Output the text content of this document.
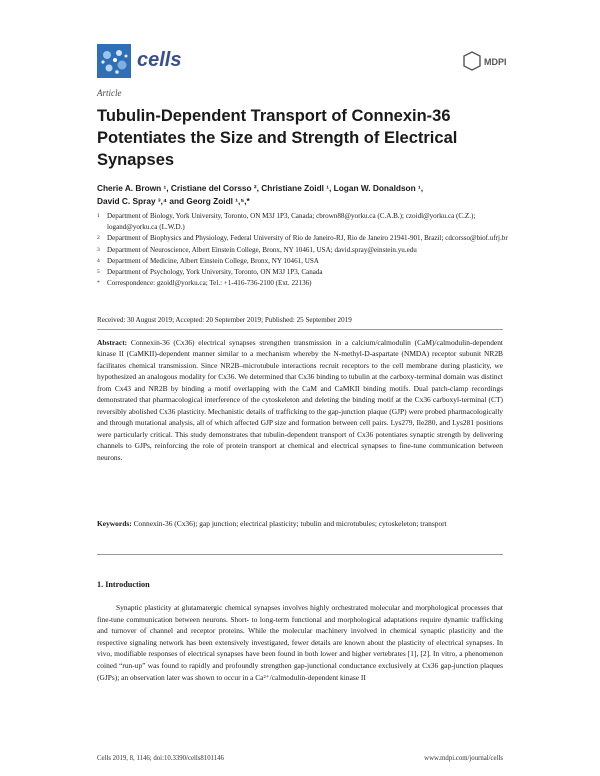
cells	MDPI
Article
Tubulin-Dependent Transport of Connexin-36 Potentiates the Size and Strength of Electrical Synapses
Cherie A. Brown ¹, Cristiane del Corsso ², Christiane Zoidl ¹, Logan W. Donaldson ¹,
David C. Spray ³,⁴ and Georg Zoidl ¹,⁵,*
1 Department of Biology, York University, Toronto, ON M3J 1P3, Canada; cbrown88@yorku.ca (C.A.B.); czoidl@yorku.ca (C.Z.); logand@yorku.ca (L.W.D.)
2 Department of Biophysics and Physiology, Federal University of Rio de Janeiro-RJ, Rio de Janeiro 21941-901, Brazil; cdcorsso@biof.ufrj.br
3 Department of Neuroscience, Albert Einstein College, Bronx, NY 10461, USA; david.spray@einstein.yu.edu
4 Department of Medicine, Albert Einstein College, Bronx, NY 10461, USA
5 Department of Psychology, York University, Toronto, ON M3J 1P3, Canada
* Correspondence: gzoidl@yorku.ca; Tel.: +1-416-736-2100 (Ext. 22136)
Received: 30 August 2019; Accepted: 20 September 2019; Published: 25 September 2019

Abstract: Connexin-36 (Cx36) electrical synapses strengthen transmission in a calcium/calmodulin (CaM)/calmodulin-dependent kinase II (CaMKII)-dependent manner similar to a mechanism whereby the N-methyl-D-aspartate (NMDA) receptor subunit NR2B facilitates chemical transmission. Since NR2B–microtubule interactions recruit receptors to the cell membrane during plasticity, we hypothesized an analogous modality for Cx36. We determined that Cx36 binding to tubulin at the carboxy-terminal domain was distinct from Cx43 and NR2B by binding a motif overlapping with the CaM and CaMKII binding motifs. Dual patch-clamp recordings demonstrated that pharmacological interference of the cytoskeleton and deleting the binding motif at the Cx36 carboxyl-terminal (CT) reversibly abolished Cx36 plasticity. Mechanistic details of trafficking to the gap-junction plaque (GJP) were probed pharmacologically and through mutational analysis, all of which affected GJP size and formation between cell pairs. Lys279, Ile280, and Lys281 positions were particularly critical. This study demonstrates that tubulin-dependent transport of Cx36 potentiates synaptic strength by delivering channels to GJPs, reinforcing the role of protein transport at chemical and electrical synapses to fine-tune communication between neurons.

Keywords: Connexin-36 (Cx36); gap junction; electrical plasticity; tubulin and microtubules; cytoskeleton; transport

1. Introduction

Synaptic plasticity at glutamatergic chemical synapses involves highly orchestrated molecular and morphological processes that fine-tune communication between neurons. Short- to long-term functional and morphological adaptations require dynamic trafficking and turnover of channel and receptor proteins. While the molecular machinery involved in chemical synaptic plasticity and the respective signaling network has been extensively investigated, fewer details are known about the plasticity of electrical synapses. In vivo, modifiable responses of electrical synapses have been found in both lower and higher vertebrates [1], [2]. In vitro, a phenomenon coined “run-up” was found to rapidly and profoundly strengthen gap-junctional conductance exclusively at Cx36 gap-junction plaques (GJPs); an observation later was shown to occur in a Ca²⁺/calmodulin-dependent kinase II

Cells 2019, 8, 1146; doi:10.3390/cells8101146	www.mdpi.com/journal/cells
